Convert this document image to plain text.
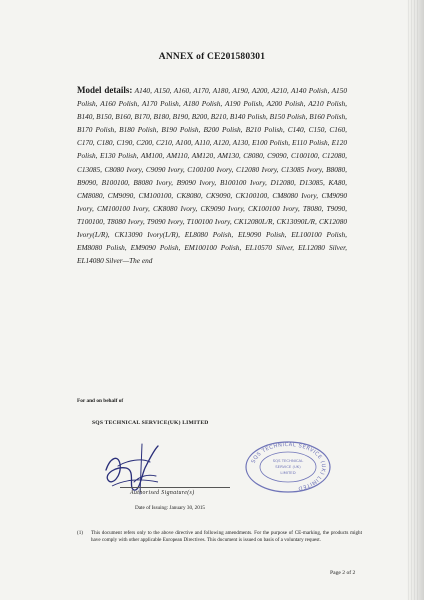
ANNEX of CE201580301
Model details: A140, A150, A160, A170, A180, A190, A200, A210, A140 Polish, A150 Polish, A160 Polish, A170 Polish, A180 Polish, A190 Polish, A200 Polish, A210 Polish, B140, B150, B160, B170, B180, B190, B200, B210, B140 Polish, B150 Polish, B160 Polish, B170 Polish, B180 Polish, B190 Polish, B200 Polish, B210 Polish, C140, C150, C160, C170, C180, C190, C200, C210, A100, A110, A120, A130, E100 Polish, E110 Polish, E120 Polish, E130 Polish, AM100, AM110, AM120, AM130, C8080, C9090, C100100, C12080, C13085, C8080 Ivory, C9090 Ivory, C100100 Ivory, C12080 Ivory, C13085 Ivory, B8080, B9090, B100100, B8080 Ivory, B9090 Ivory, B100100 Ivory, D12080, D13085, KA80, CM8080, CM9090, CM100100, CK8080, CK9090, CK100100, CM8080 Ivory, CM9090 Ivory, CM100100 Ivory, CK8080 Ivory, CK9090 Ivory, CK100100 Ivory, T8080, T9090, T100100, T8080 Ivory, T9090 Ivory, T100100 Ivory, CK12080L/R, CK13090L/R, CK12080 Ivory(L/R), CK13090 Ivory(L/R), EL8080 Polish, EL9090 Polish, EL100100 Polish, EM8080 Polish, EM9090 Polish, EM100100 Polish, EL10570 Silver, EL12080 Silver, EL14080 Silver—The end
For and on behalf of
SQS TECHNICAL SERVICE(UK) LIMITED
Authorised Signature(s)
Date of Issuing: January 30, 2015
SQS TECHNICAL SERVICE (UK) LIMITED
SQS TECHNICAL
SERVICE (UK)
LIMITED
(1) This document refers only to the above directive and following amendments. For the purpose of CE-marking, the products might have comply with other applicable European Directives. This document is issued on basis of a voluntary request.
Page 2 of 2
